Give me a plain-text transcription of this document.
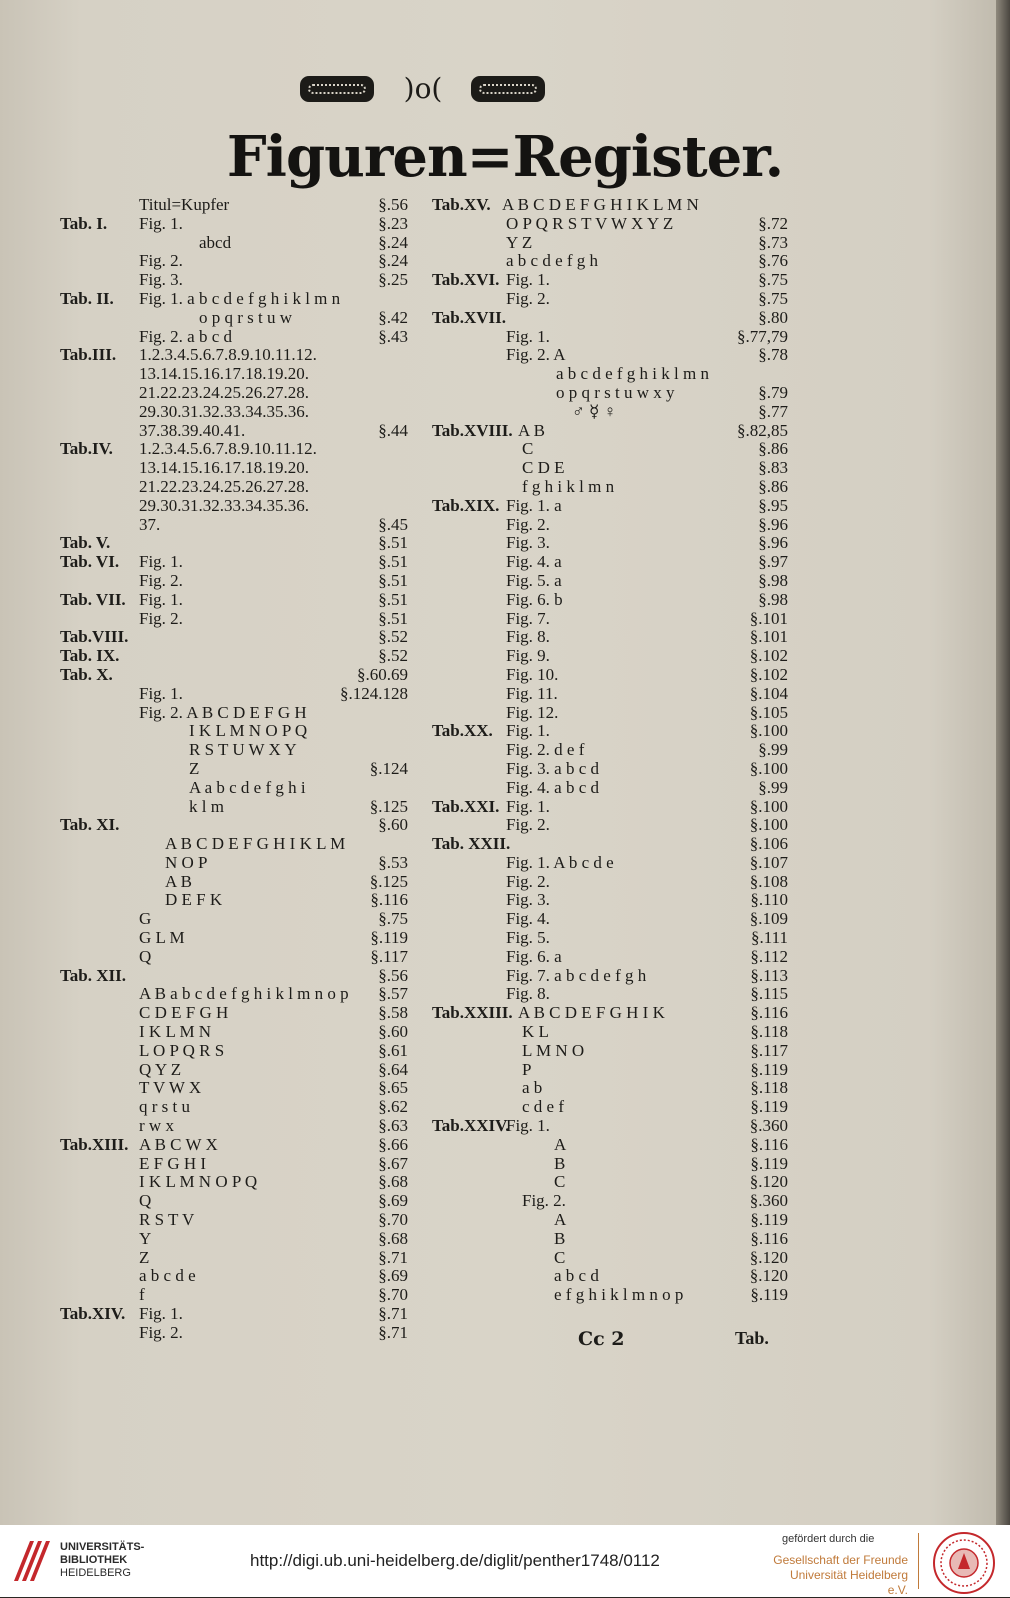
)o(
Figuren=Register.
Titul=Kupfer	§.56
Tab. I. Fig. 1.	§.23
abcd	§.24
Fig. 2.	§.24
Fig. 3.	§.25
Tab. II. Fig. 1. a b c d e f g h i k l m n
o p q r s t u w	§.42
Fig. 2. a b c d	§.43
Tab.III. 1.2.3.4.5.6.7.8.9.10.11.12.
13.14.15.16.17.18.19.20.
21.22.23.24.25.26.27.28.
29.30.31.32.33.34.35.36.
37.38.39.40.41.	§.44
Tab.IV. 1.2.3.4.5.6.7.8.9.10.11.12.
13.14.15.16.17.18.19.20.
21.22.23.24.25.26.27.28.
29.30.31.32.33.34.35.36.
37.	§.45
Tab. V.	§.51
Tab. VI. Fig. 1.	§.51
Fig. 2.	§.51
Tab. VII. Fig. 1.	§.51
Fig. 2.	§.51
Tab.VIII.	§.52
Tab. IX.	§.52
Tab. X.	§.60.69
Fig. 1.	§.124.128
Fig. 2. A B C D E F G H
I K L M N O P Q
R S T U W X Y
Z	§.124
A a b c d e f g h i
k l m	§.125
Tab. XI.	§.60
A B C D E F G H I K L M
N O P	§.53
A B	§.125
D E F K	§.116
G	§.75
G L M	§.119
Q	§.117
Tab. XII.	§.56
A B a b c d e f g h i k l m n o p §.57
C D E F G H	§.58
I K L M N	§.60
L O P Q R S	§.61
Q Y Z	§.64
T V W X	§.65
q r s t u	§.62
r w x	§.63
Tab.XIII. A B C W X	§.66
E F G H I	§.67
I K L M N O P Q	§.68
Q	§.69
R S T V	§.70
Y	§.68
Z	§.71
a b c d e	§.69
f	§.70
Tab.XIV. Fig. 1.	§.71
Fig. 2.	§.71
Tab.XV. A B C D E F G H I K L M N
O P Q R S T V W X Y Z	§.72
Y Z	§.73
a b c d e f g h	§.76
Tab.XVI. Fig. 1.	§.75
Fig. 2.	§.75
Tab.XVII.	§.80
Fig. 1.	§.77,79
Fig. 2. A	§.78
a b c d e f g h i k l m n
o p q r s t u w x y	§.79
♂ ☿ ♀	§.77
Tab.XVIII. A B	§.82,85
C	§.86
C D E	§.83
f g h i k l m n	§.86
Tab.XIX. Fig. 1. a	§.95
Fig. 2.	§.96
Fig. 3.	§.96
Fig. 4. a	§.97
Fig. 5. a	§.98
Fig. 6. b	§.98
Fig. 7.	§.101
Fig. 8.	§.101
Fig. 9.	§.102
Fig. 10.	§.102
Fig. 11.	§.104
Fig. 12.	§.105
Tab.XX. Fig. 1.	§.100
Fig. 2. d e f	§.99
Fig. 3. a b c d	§.100
Fig. 4. a b c d	§.99
Tab.XXI. Fig. 1.	§.100
Fig. 2.	§.100
Tab. XXII.	§.106
Fig. 1. A b c d e	§.107
Fig. 2.	§.108
Fig. 3.	§.110
Fig. 4.	§.109
Fig. 5.	§.111
Fig. 6. a	§.112
Fig. 7. a b c d e f g h	§.113
Fig. 8.	§.115
Tab.XXIII. A B C D E F G H I K	§.116
K L	§.118
L M N O	§.117
P	§.119
a b	§.118
c d e f	§.119
Tab.XXIV.
Fig. 1.	§.360
A	§.116
B	§.119
C	§.120
Fig. 2.	§.360
A	§.119
B	§.116
C	§.120
a b c d	§.120
e f g h i k l m n o p	§.119
Cc 2	Tab.
UNIVERSITÄTS-
BIBLIOTHEK
HEIDELBERG
http://digi.ub.uni-heidelberg.de/diglit/penther1748/0112
gefördert durch die
Gesellschaft der Freunde
Universität Heidelberg e.V.
